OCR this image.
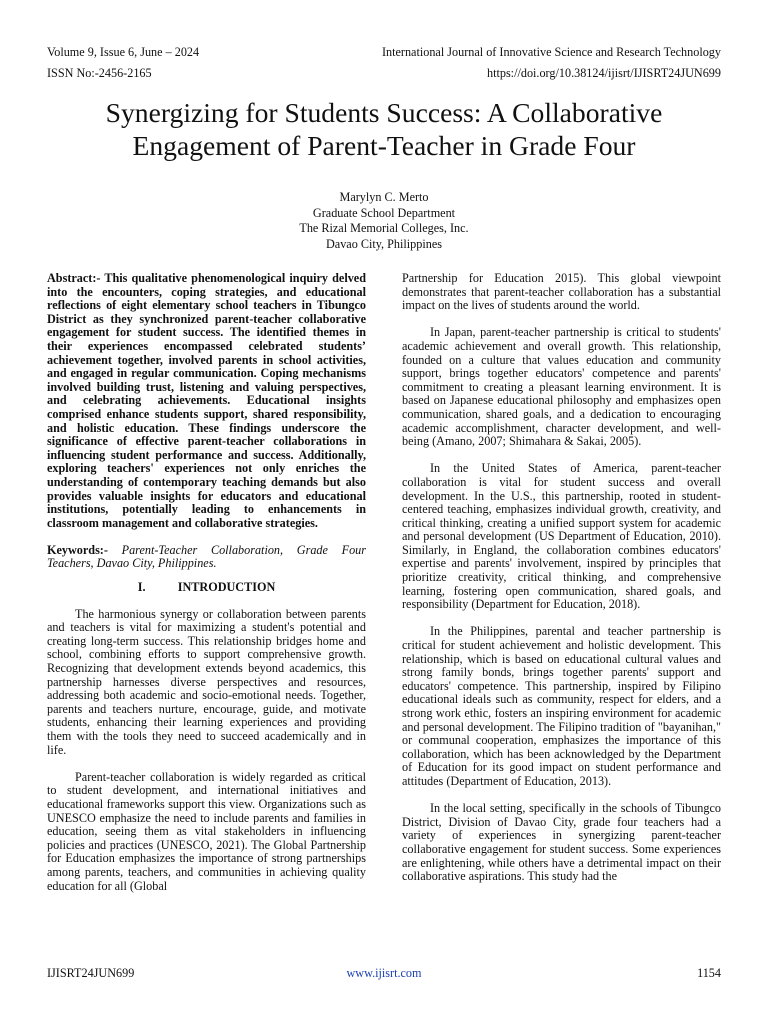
Volume 9, Issue 6, June ‒ 2024	International Journal of Innovative Science and Research Technology
ISSN No:-2456-2165	https://doi.org/10.38124/ijisrt/IJISRT24JUN699
Synergizing for Students Success: A Collaborative Engagement of Parent-Teacher in Grade Four
Marylyn C. Merto
Graduate School Department
The Rizal Memorial Colleges, Inc.
Davao City, Philippines

Abstract:- This qualitative phenomenological inquiry delved into the encounters, coping strategies, and educational reflections of eight elementary school teachers in Tibungco District as they synchronized parent-teacher collaborative engagement for student success. The identified themes in their experiences encompassed celebrated students’ achievement together, involved parents in school activities, and engaged in regular communication. Coping mechanisms involved building trust, listening and valuing perspectives, and celebrating achievements. Educational insights comprised enhance students support, shared responsibility, and holistic education. These findings underscore the significance of effective parent-teacher collaborations in influencing student performance and success. Additionally, exploring teachers' experiences not only enriches the understanding of contemporary teaching demands but also provides valuable insights for educators and educational institutions, potentially leading to enhancements in classroom management and collaborative strategies.

Keywords:- Parent-Teacher Collaboration, Grade Four Teachers, Davao City, Philippines.

I.	INTRODUCTION

The harmonious synergy or collaboration between parents and teachers is vital for maximizing a student's potential and creating long-term success. This relationship bridges home and school, combining efforts to support comprehensive growth. Recognizing that development extends beyond academics, this partnership harnesses diverse perspectives and resources, addressing both academic and socio-emotional needs. Together, parents and teachers nurture, encourage, guide, and motivate students, enhancing their learning experiences and providing them with the tools they need to succeed academically and in life.

Parent-teacher collaboration is widely regarded as critical to student development, and international initiatives and educational frameworks support this view. Organizations such as UNESCO emphasize the need to include parents and families in education, seeing them as vital stakeholders in influencing policies and practices (UNESCO, 2021). The Global Partnership for Education emphasizes the importance of strong partnerships among parents, teachers, and communities in achieving quality education for all (Global

Partnership for Education 2015). This global viewpoint demonstrates that parent-teacher collaboration has a substantial impact on the lives of students around the world.

In Japan, parent-teacher partnership is critical to students' academic achievement and overall growth. This relationship, founded on a culture that values education and community support, brings together educators' competence and parents' commitment to creating a pleasant learning environment. It is based on Japanese educational philosophy and emphasizes open communication, shared goals, and a dedication to encouraging academic accomplishment, character development, and well-being (Amano, 2007; Shimahara & Sakai, 2005).

In the United States of America, parent-teacher collaboration is vital for student success and overall development. In the U.S., this partnership, rooted in student-centered teaching, emphasizes individual growth, creativity, and critical thinking, creating a unified support system for academic and personal development (US Department of Education, 2010). Similarly, in England, the collaboration combines educators' expertise and parents' involvement, inspired by principles that prioritize creativity, critical thinking, and comprehensive learning, fostering open communication, shared goals, and responsibility (Department for Education, 2018).

In the Philippines, parental and teacher partnership is critical for student achievement and holistic development. This relationship, which is based on educational cultural values and strong family bonds, brings together parents' support and educators' competence. This partnership, inspired by Filipino educational ideals such as community, respect for elders, and a strong work ethic, fosters an inspiring environment for academic and personal development. The Filipino tradition of "bayanihan," or communal cooperation, emphasizes the importance of this collaboration, which has been acknowledged by the Department of Education for its good impact on student performance and attitudes (Department of Education, 2013).

In the local setting, specifically in the schools of Tibungco District, Division of Davao City, grade four teachers had a variety of experiences in synergizing parent-teacher collaborative engagement for student success. Some experiences are enlightening, while others have a detrimental impact on their collaborative aspirations. This study had the

IJISRT24JUN699	www.ijisrt.com	1154
